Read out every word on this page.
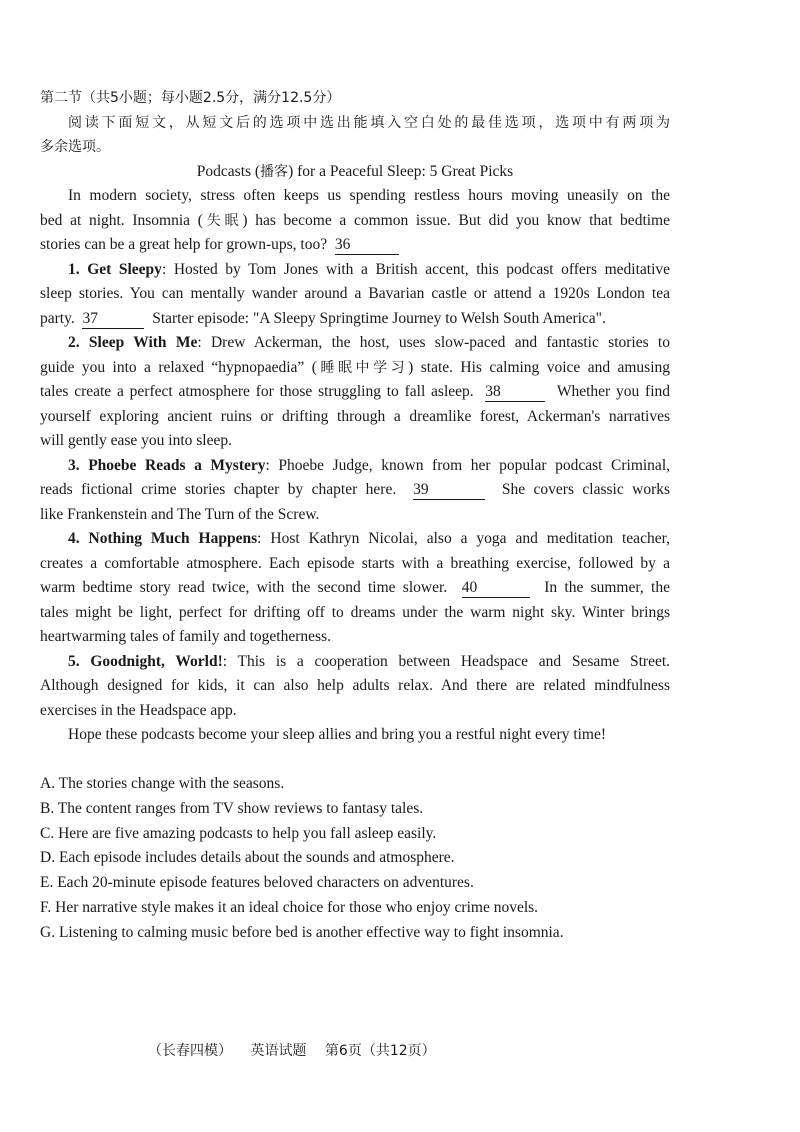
第二节（共5小题；每小题2.5分，满分12.5分）
阅读下面短文，从短文后的选项中选出能填入空白处的最佳选项，选项中有两项为
多余选项。
Podcasts (播客) for a Peaceful Sleep: 5 Great Picks
In modern society, stress often keeps us spending restless hours moving uneasily on the
bed at night. Insomnia (失眠) has become a common issue. But did you know that bedtime
stories can be a great help for grown-ups, too? 36
1. Get Sleepy: Hosted by Tom Jones with a British accent, this podcast offers meditative
sleep stories. You can mentally wander around a Bavarian castle or attend a 1920s London tea
party. 37	Starter episode: "A Sleepy Springtime Journey to Welsh South America".
2. Sleep With Me: Drew Ackerman, the host, uses slow-paced and fantastic stories to
guide you into a relaxed “hypnopaedia” (睡眠中学习) state. His calming voice and amusing
tales create a perfect atmosphere for those struggling to fall asleep. 38	Whether you find
yourself exploring ancient ruins or drifting through a dreamlike forest, Ackerman's narratives
will gently ease you into sleep.
3. Phoebe Reads a Mystery: Phoebe Judge, known from her popular podcast Criminal,
reads fictional crime stories chapter by chapter here. 39	She covers classic works
like Frankenstein and The Turn of the Screw.
4. Nothing Much Happens: Host Kathryn Nicolai, also a yoga and meditation teacher,
creates a comfortable atmosphere. Each episode starts with a breathing exercise, followed by a
warm bedtime story read twice, with the second time slower. 40	In the summer, the
tales might be light, perfect for drifting off to dreams under the warm night sky. Winter brings
heartwarming tales of family and togetherness.
5. Goodnight, World!: This is a cooperation between Headspace and Sesame Street.
Although designed for kids, it can also help adults relax. And there are related mindfulness
exercises in the Headspace app.
Hope these podcasts become your sleep allies and bring you a restful night every time!
A. The stories change with the seasons.
B. The content ranges from TV show reviews to fantasy tales.
C. Here are five amazing podcasts to help you fall asleep easily.
D. Each episode includes details about the sounds and atmosphere.
E. Each 20-minute episode features beloved characters on adventures.
F. Her narrative style makes it an ideal choice for those who enjoy crime novels.
G. Listening to calming music before bed is another effective way to fight insomnia.
（长春四模） 英语试题 第6页（共12页）
